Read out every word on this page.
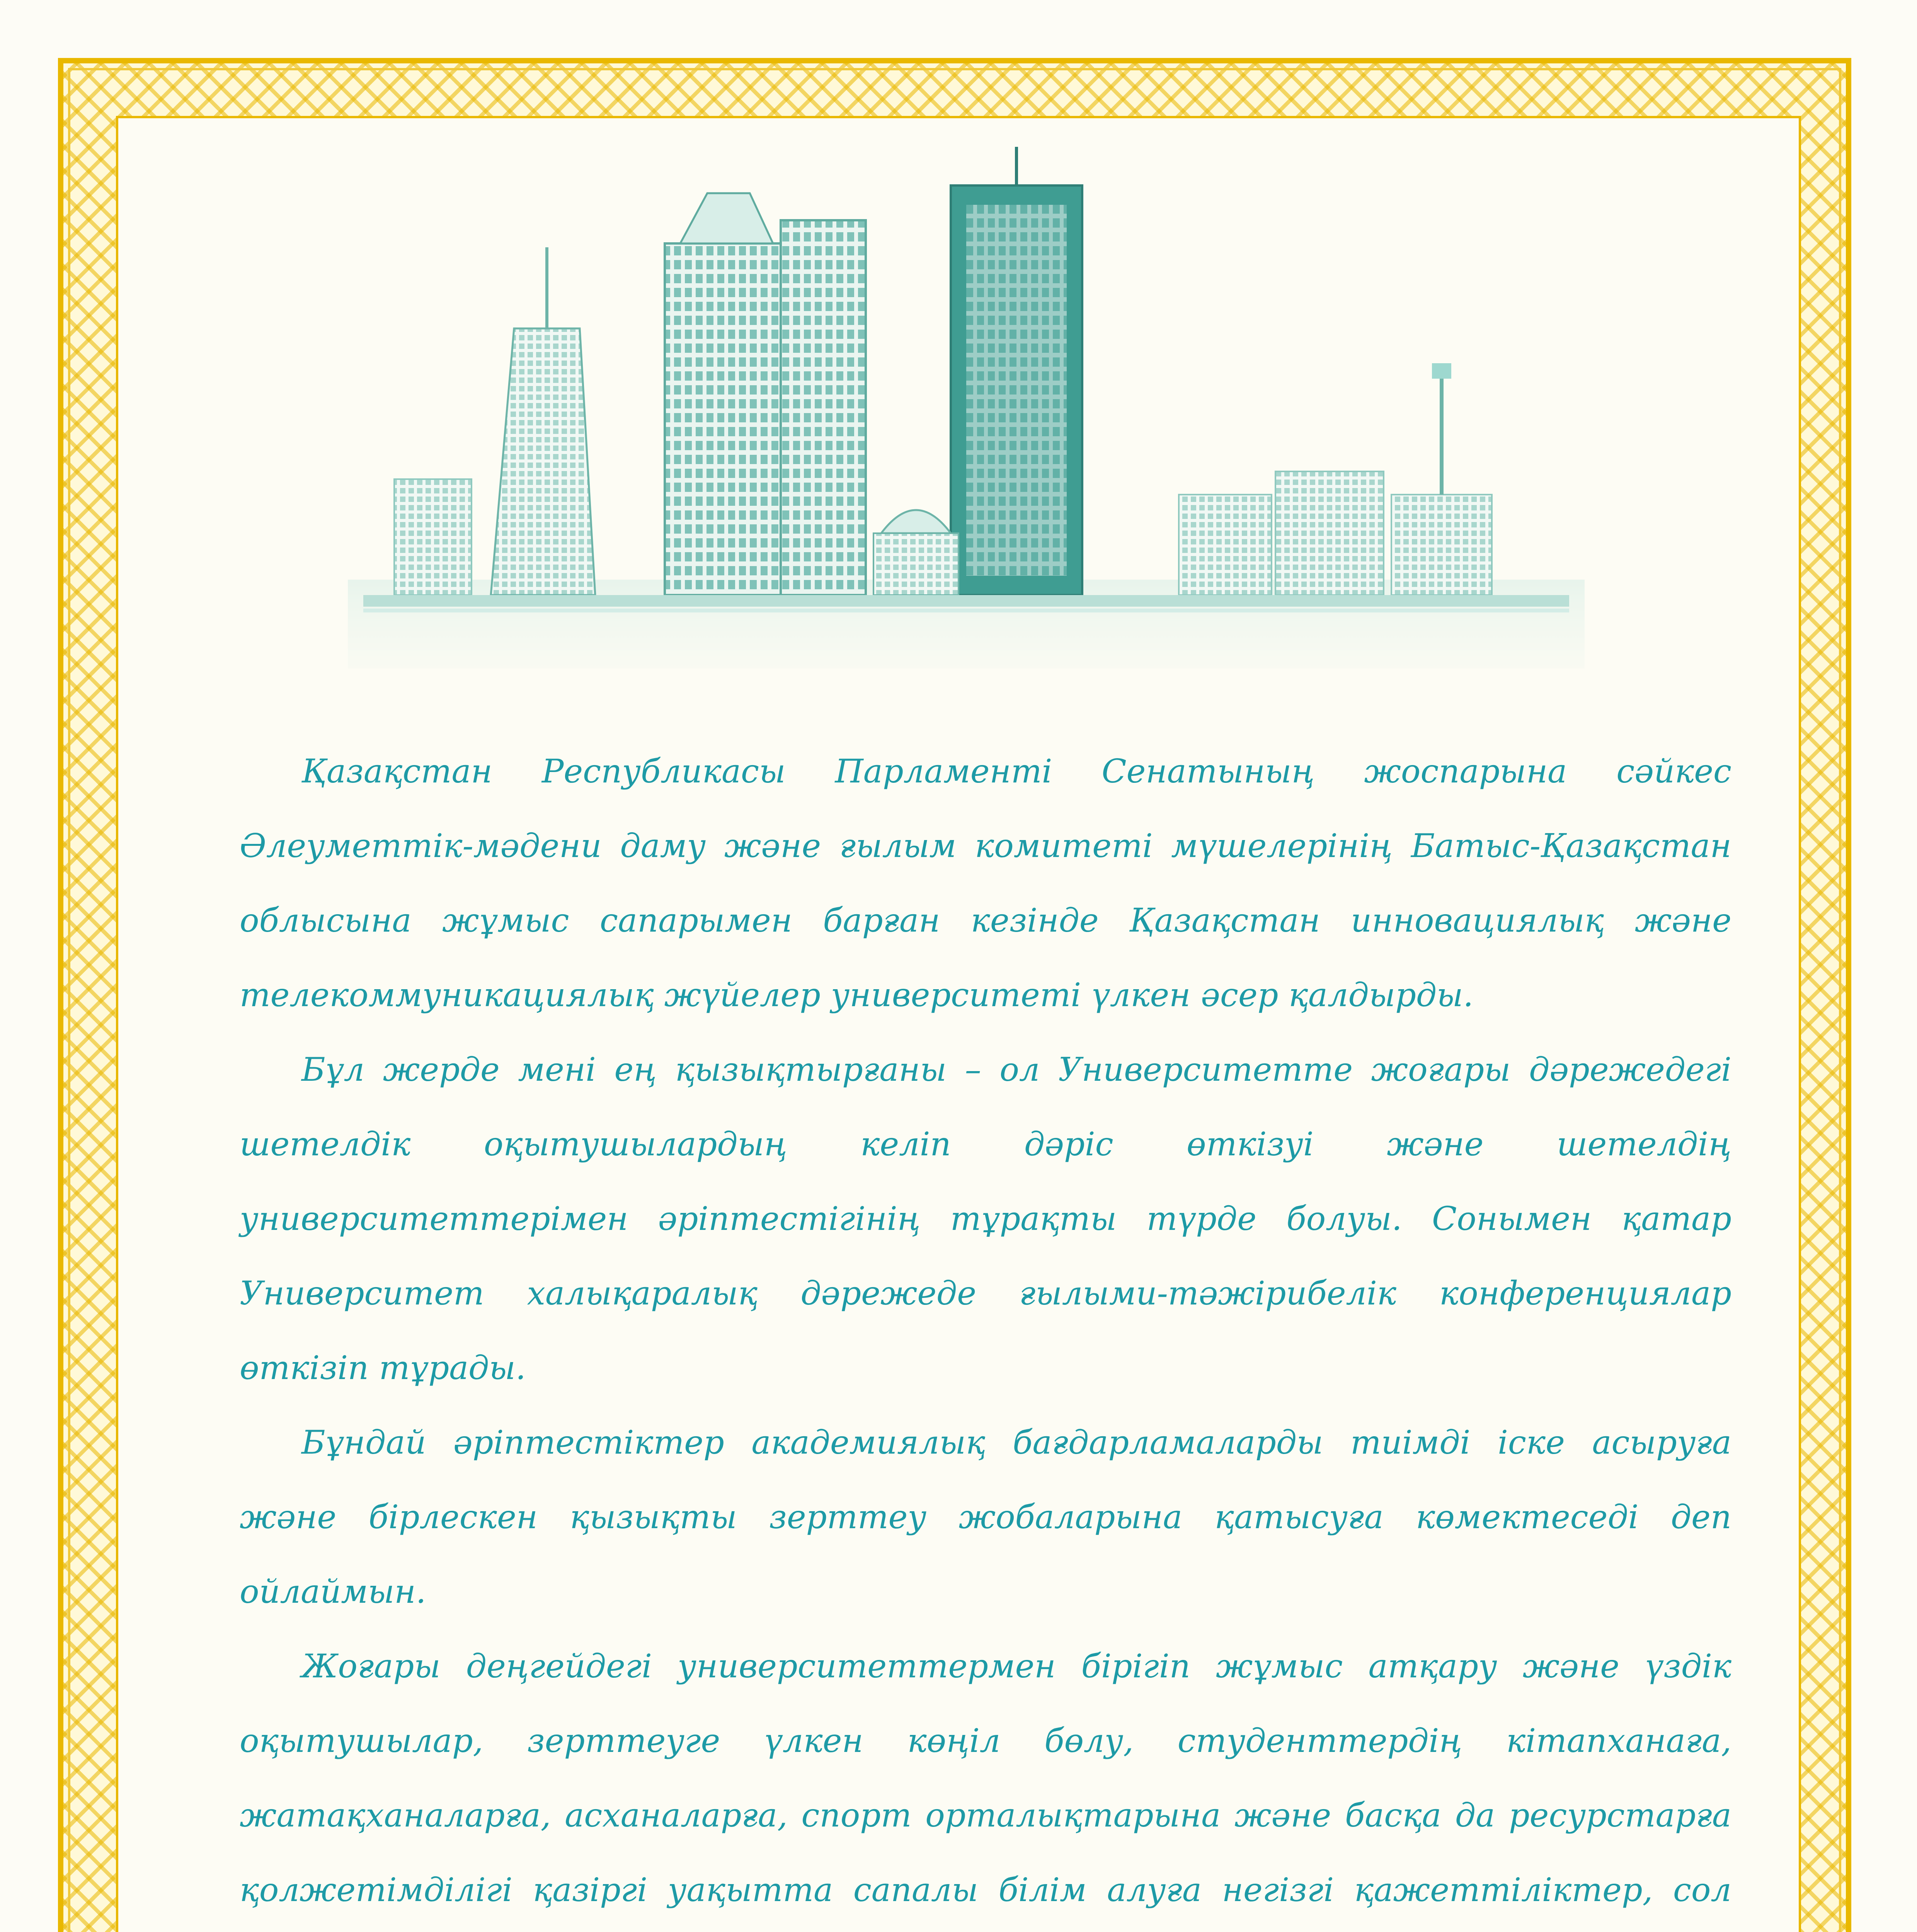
Қазақстан Республикасы Парламенті Сенатының жоспарына сәйкес Әлеуметтік-мәдени даму және ғылым комитеті мүшелерінің Батыс-Қазақстан облысына жұмыс сапарымен барған кезінде Қазақстан инновациялық және телекоммуникациялық жүйелер университеті үлкен әсер қалдырды.

Бұл жерде мені ең қызықтырғаны – ол Университетте жоғары дәрежедегі шетелдік оқытушылардың келіп дәріс өткізуі және шетелдің университеттерімен әріптестігінің тұрақты түрде болуы. Сонымен қатар Университет халықаралық дәрежеде ғылыми-тәжірибелік конференциялар өткізіп тұрады.

Бұндай әріптестіктер академиялық бағдарламаларды тиімді іске асыруға және бірлескен қызықты зерттеу жобаларына қатысуға көмектеседі деп ойлаймын.

Жоғары деңгейдегі университеттермен бірігіп жұмыс атқару және үздік оқытушылар, зерттеуге үлкен көңіл бөлу, студенттердің кітапханаға, жатақханаларға, асханаларға, спорт орталықтарына және басқа да ресурстарға қолжетімділігі қазіргі уақытта сапалы білім алуға негізгі қажеттіліктер, сол
